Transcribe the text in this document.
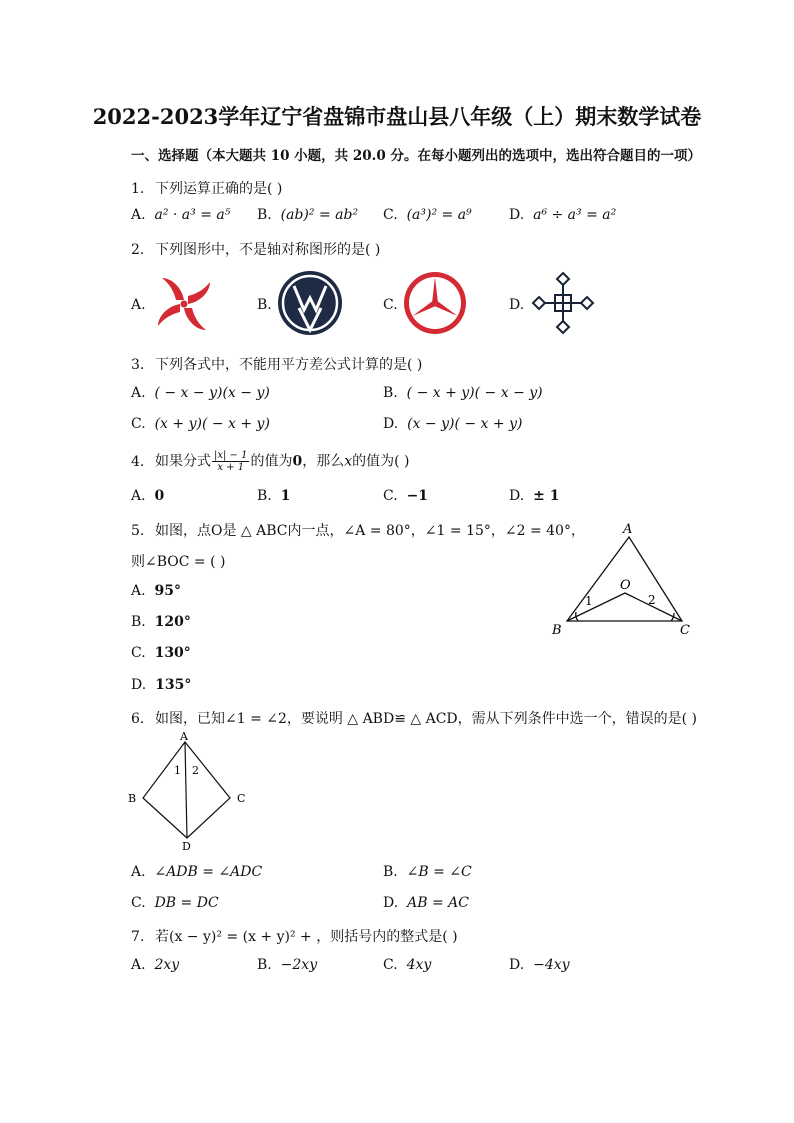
2022-2023学年辽宁省盘锦市盘山县八年级（上）期末数学试卷
一、选择题（本大题共 10 小题，共 20.0 分。在每小题列出的选项中，选出符合题目的一项）
1. 下列运算正确的是( )
A. a² · a³ = a⁵ B. (ab)² = ab² C. (a³)² = a⁹	D. a⁶ ÷ a³ = a²
2. 下列图形中，不是轴对称图形的是( )
A.	B.	C.	D.
3. 下列各式中，不能用平方差公式计算的是( )
A. ( − x − y)(x − y)	B. ( − x + y)( − x − y)
C. (x + y)( − x + y)	D. (x − y)( − x + y)
4. 如果分式 $\frac{|x| - 1}{x + 1}$ 的值为0，那么x的值为( )
A. 0	B. 1	C. −1	D. ± 1
5. 如图，点O是 △ ABC内一点，∠A = 80°，∠1 = 15°，∠2 = 40°，
则∠BOC = ( )
A. 95°
B. 120°
C. 130°
D. 135°
A
B	C
O
1	2
6. 如图，已知∠1 = ∠2，要说明 △ ABD≌ △ ACD，需从下列条件中选一个，错误的是( )
A
B	C
D
1 2
A. ∠ADB = ∠ADC	B. ∠B = ∠C
C. DB = DC	D. AB = AC
7. 若(x − y)² = (x + y)² + ，则括号内的整式是( )
A. 2xy	B. −2xy	C. 4xy	D. −4xy
